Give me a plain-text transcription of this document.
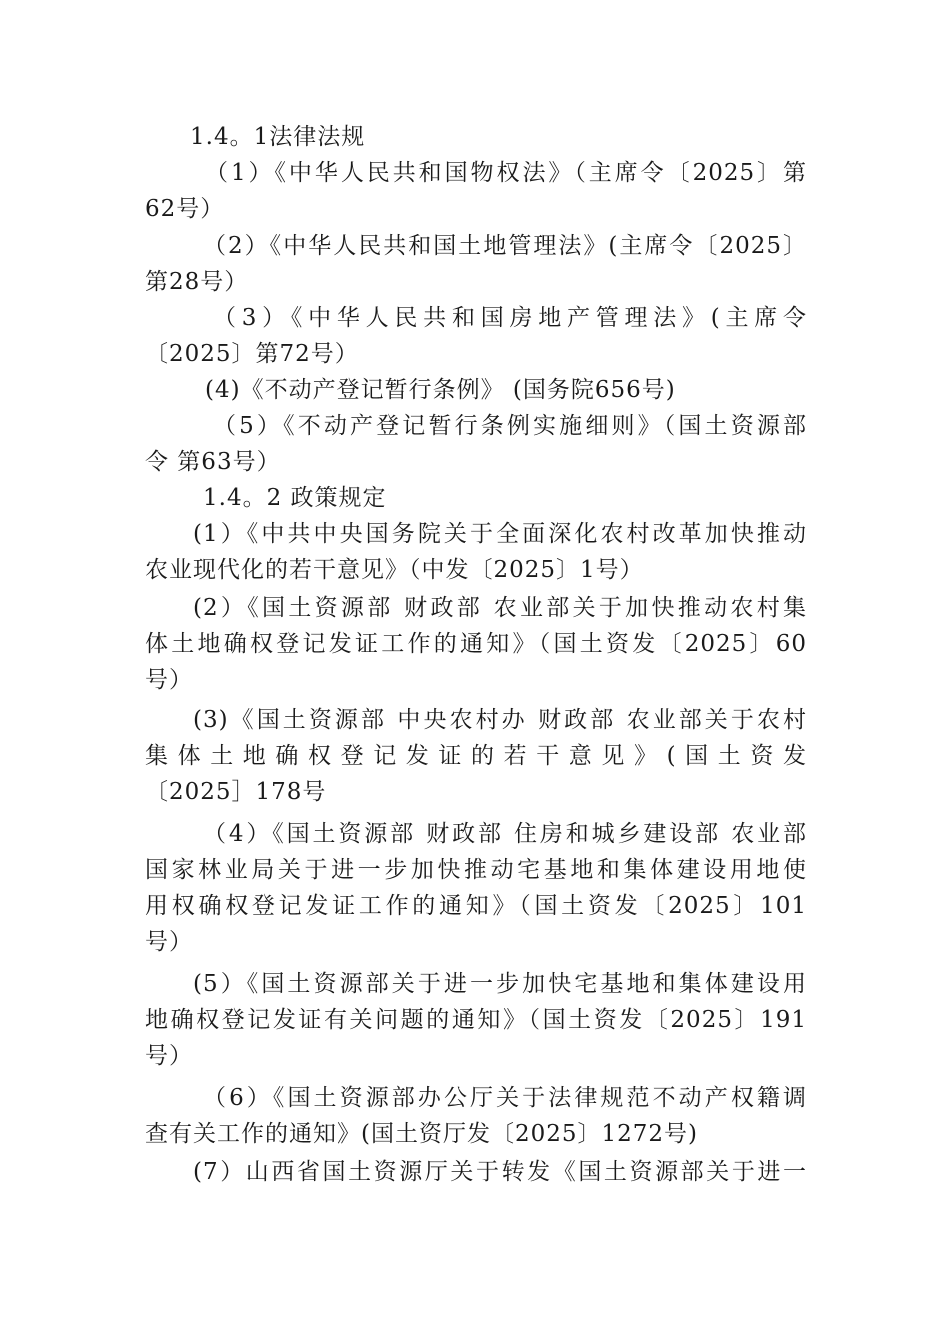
1.4。1法律法规
（1）《中华人民共和国物权法》（主席令〔2025〕第
62号）
（2）《中华人民共和国土地管理法》(主席令〔2025〕
第28号）
（3）《中华人民共和国房地产管理法》(主席令
〔2025〕第72号）
(4)《不动产登记暂行条例》 (国务院656号)
（5）《不动产登记暂行条例实施细则》（国土资源部
令 第63号）
1.4。2 政策规定
(1）《中共中央国务院关于全面深化农村改革加快推动
农业现代化的若干意见》（中发〔2025〕1号）
(2）《国土资源部 财政部 农业部关于加快推动农村集
体土地确权登记发证工作的通知》（国土资发〔2025〕60
号）
(3)《国土资源部 中央农村办 财政部 农业部关于农村
集体土地确权登记发证的若干意见》(国土资发
〔2025］178号
（4）《国土资源部 财政部 住房和城乡建设部 农业部
国家林业局关于进一步加快推动宅基地和集体建设用地使
用权确权登记发证工作的通知》（国土资发〔2025〕101
号）
(5）《国土资源部关于进一步加快宅基地和集体建设用
地确权登记发证有关问题的通知》（国土资发〔2025〕191
号）
（6）《国土资源部办公厅关于法律规范不动产权籍调
查有关工作的通知》(国土资厅发〔2025〕1272号)
(7）山西省国土资源厅关于转发《国土资源部关于进一
